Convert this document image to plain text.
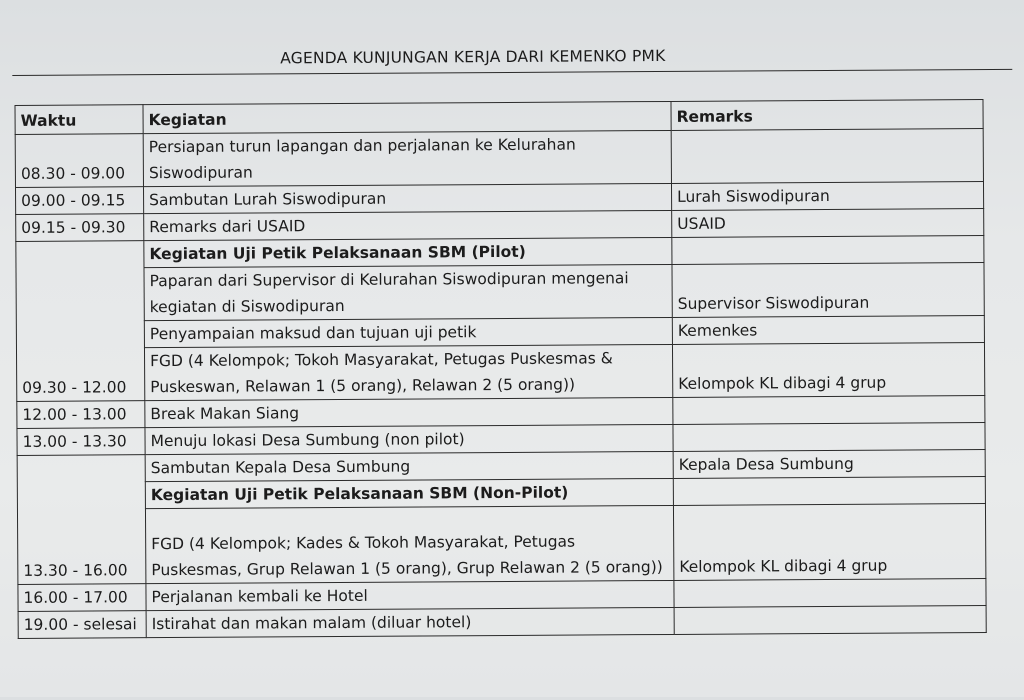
AGENDA KUNJUNGAN KERJA DARI KEMENKO PMK
Waktu	Kegiatan	Remarks
08.30 - 09.00	Persiapan turun lapangan dan perjalanan ke Kelurahan
Siswodipuran	

09.00 - 09.15	Sambutan Lurah Siswodipuran	Lurah Siswodipuran
09.15 - 09.30	Remarks dari USAID	USAID
09.30 - 12.00	Kegiatan Uji Petik Pelaksanaan SBM (Pilot)	

	Paparan dari Supervisor di Kelurahan Siswodipuran mengenai
kegiatan di Siswodipuran	Supervisor Siswodipuran
	Penyampaian maksud dan tujuan uji petik	Kemenkes

	FGD (4 Kelompok; Tokoh Masyarakat, Petugas Puskesmas &
Puskeswan, Relawan 1 (5 orang), Relawan 2 (5 orang))	Kelompok KL dibagi 4 grup
12.00 - 13.00	Break Makan Siang	
13.00 - 13.30	Menuju lokasi Desa Sumbung (non pilot)	
13.30 - 16.00	Sambutan Kepala Desa Sumbung	Kepala Desa Sumbung
	Kegiatan Uji Petik Pelaksanaan SBM (Non-Pilot)	

	FGD (4 Kelompok; Kades & Tokoh Masyarakat, Petugas
Puskesmas, Grup Relawan 1 (5 orang), Grup Relawan 2 (5 orang))	Kelompok KL dibagi 4 grup
16.00 - 17.00	Perjalanan kembali ke Hotel	
19.00 - selesai	Istirahat dan makan malam (diluar hotel)	
